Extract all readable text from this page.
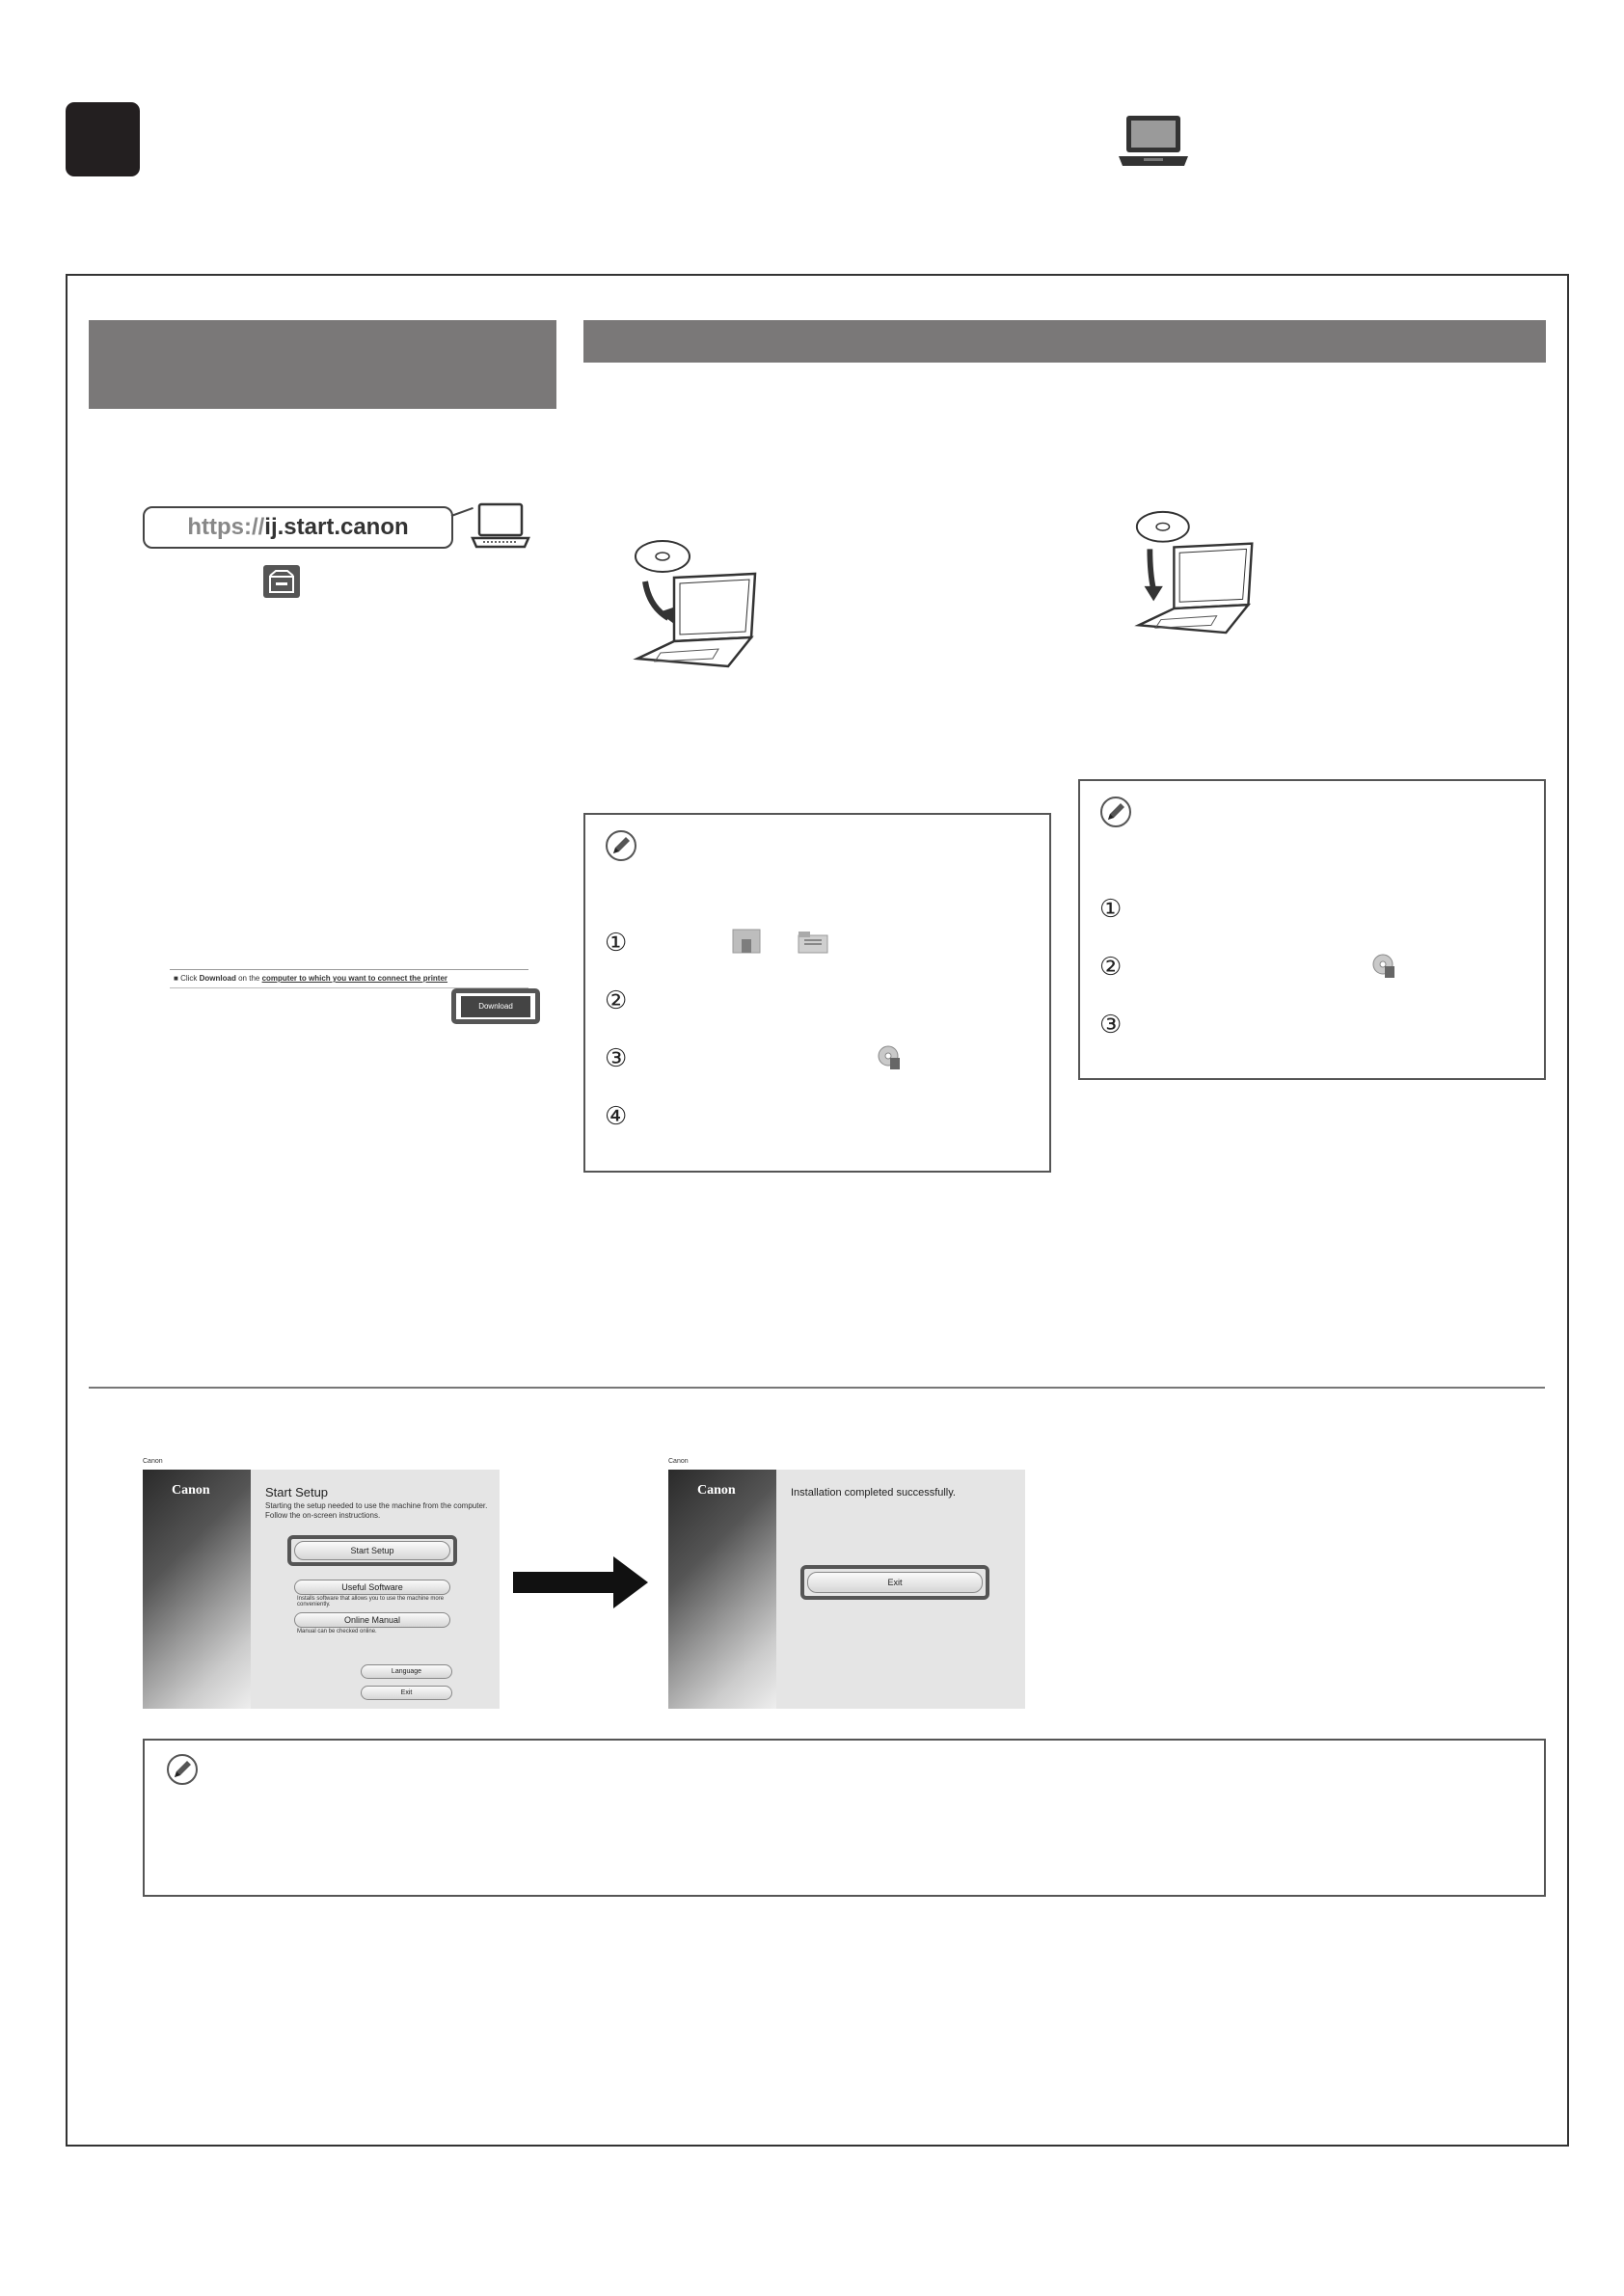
https://ij.start.canon
■ Click Download on the computer to which you want to connect the printer
Download
①
②
③
④
①
②
③
Canon
Canon	Start Setup
Starting the setup needed to use the machine from the computer.
Follow the on-screen instructions.
Start Setup
Useful Software
Installs software that allows you to use the machine more conveniently.
Online Manual
Manual can be checked online.
Language
Exit
Canon
Canon	Installation completed successfully.
Exit
